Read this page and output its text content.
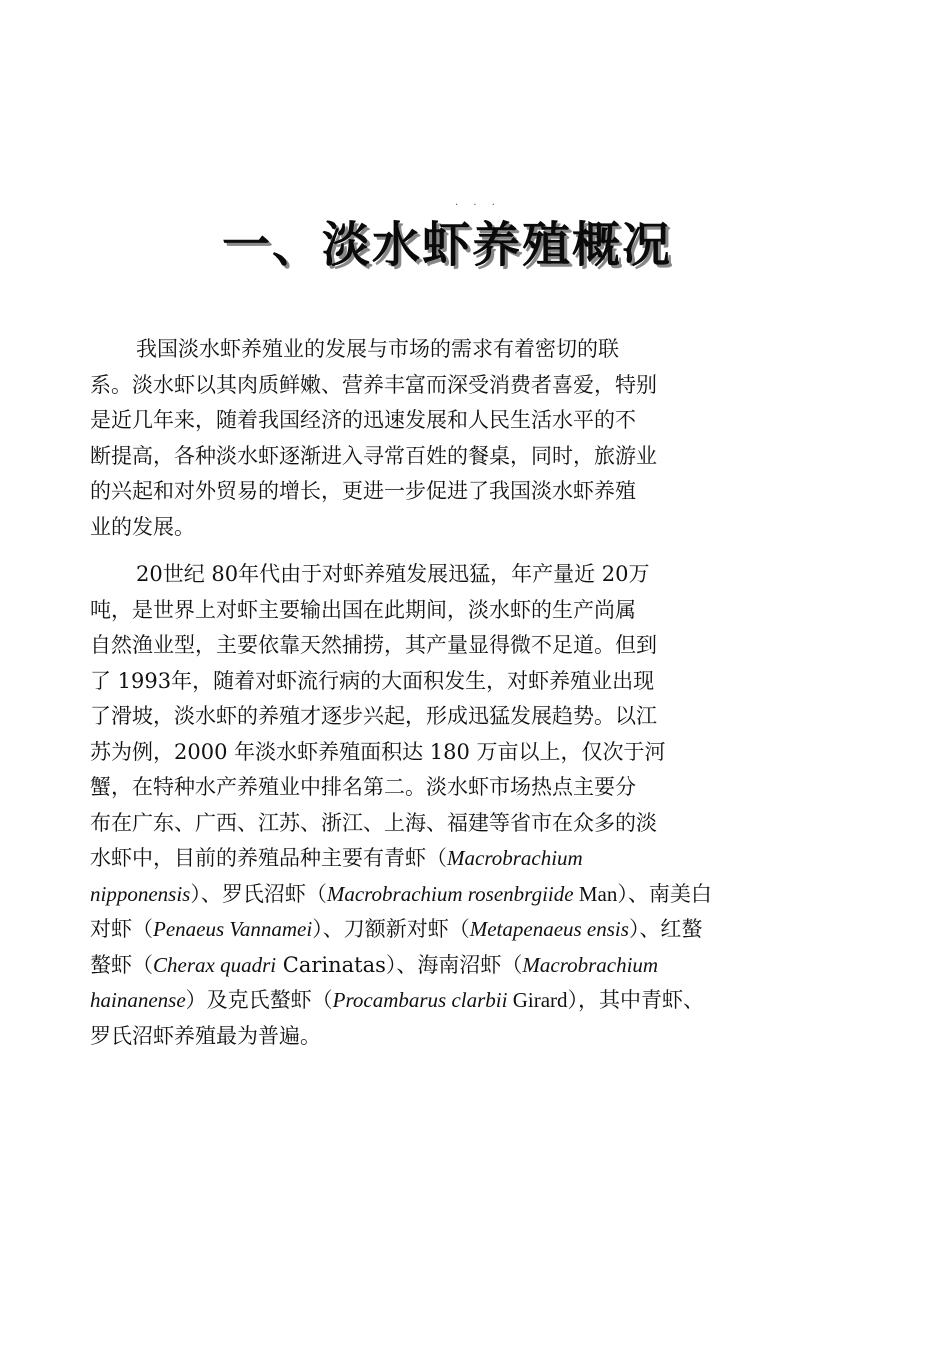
· · ·
一、淡水虾养殖概况
我国淡水虾养殖业的发展与市场的需求有着密切的联
系。淡水虾以其肉质鲜嫩、营养丰富而深受消费者喜爱，特别
是近几年来，随着我国经济的迅速发展和人民生活水平的不
断提高，各种淡水虾逐渐进入寻常百姓的餐桌，同时，旅游业
的兴起和对外贸易的增长，更进一步促进了我国淡水虾养殖
业的发展。
20世纪 80年代由于对虾养殖发展迅猛，年产量近 20万
吨，是世界上对虾主要输出国在此期间，淡水虾的生产尚属
自然渔业型，主要依靠天然捕捞，其产量显得微不足道。但到
了 1993年，随着对虾流行病的大面积发生，对虾养殖业出现
了滑坡，淡水虾的养殖才逐步兴起，形成迅猛发展趋势。以江
苏为例，2000 年淡水虾养殖面积达 180 万亩以上，仅次于河
蟹，在特种水产养殖业中排名第二。淡水虾市场热点主要分
布在广东、广西、江苏、浙江、上海、福建等省市在众多的淡
水虾中，目前的养殖品种主要有青虾（Macrobrachium
nipponensis）、罗氏沼虾（Macrobrachium rosenbrgiide Man）、南美白
对虾（Penaeus Vannamei）、刀额新对虾（Metapenaeus ensis）、红螯
螯虾（Cherax quadri Carinatas）、海南沼虾（Macrobrachium
hainanense）及克氏螯虾（Procambarus clarbii Girard），其中青虾、
罗氏沼虾养殖最为普遍。
